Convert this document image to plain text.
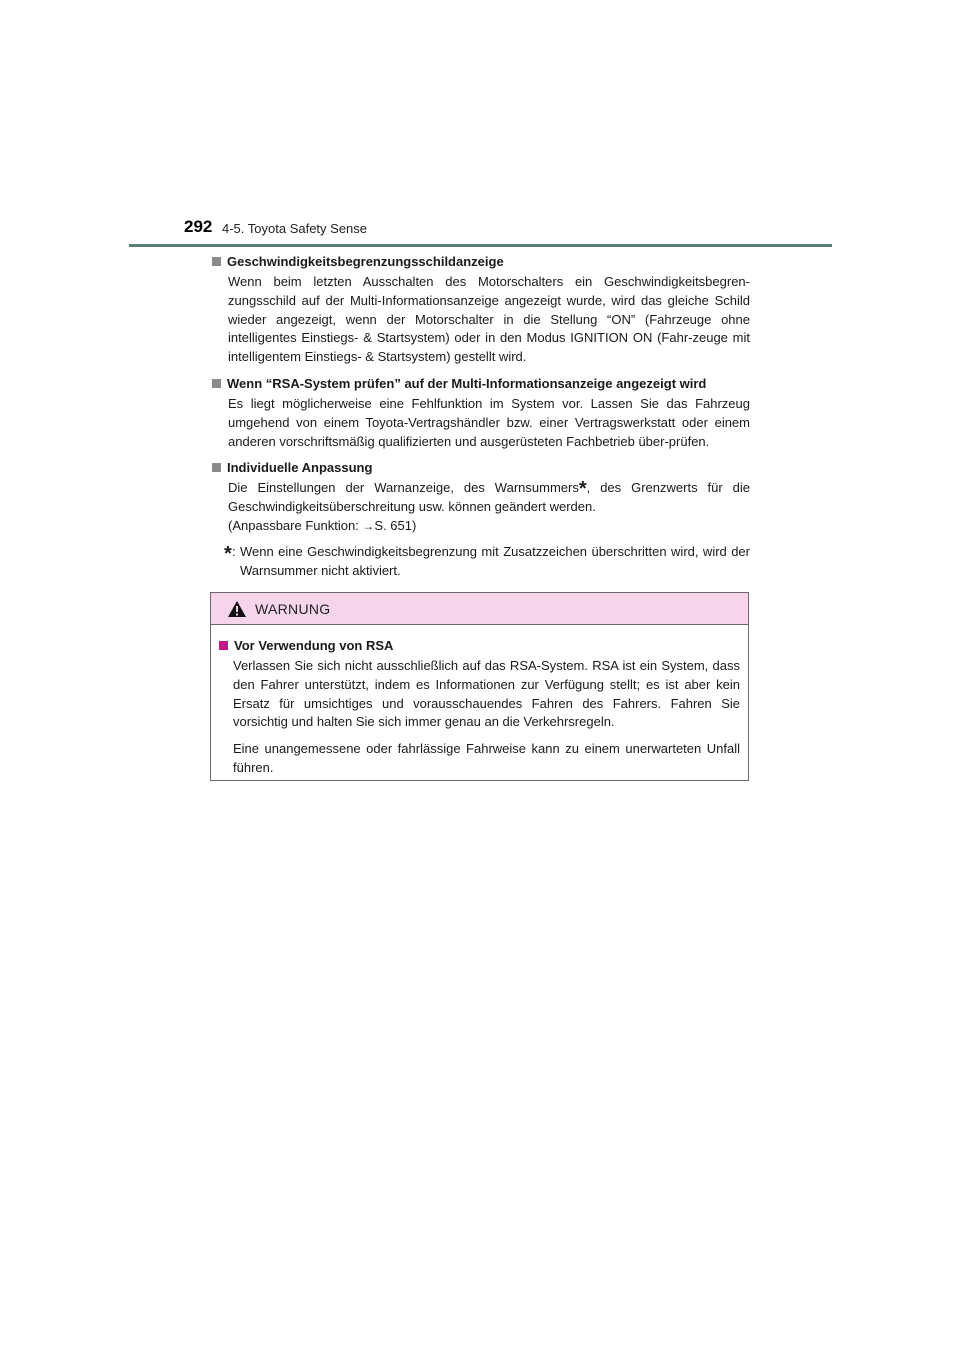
292 4-5. Toyota Safety Sense
Geschwindigkeitsbegrenzungsschildanzeige

Wenn beim letzten Ausschalten des Motorschalters ein Geschwindigkeitsbegren-zungsschild auf der Multi-Informationsanzeige angezeigt wurde, wird das gleiche Schild wieder angezeigt, wenn der Motorschalter in die Stellung “ON” (Fahrzeuge ohne intelligentes Einstiegs- & Startsystem) oder in den Modus IGNITION ON (Fahr-zeuge mit intelligentem Einstiegs- & Startsystem) gestellt wird.

Wenn “RSA-System prüfen” auf der Multi-Informationsanzeige angezeigt wird

Es liegt möglicherweise eine Fehlfunktion im System vor. Lassen Sie das Fahrzeug umgehend von einem Toyota-Vertragshändler bzw. einer Vertragswerkstatt oder einem anderen vorschriftsmäßig qualifizierten und ausgerüsteten Fachbetrieb über-prüfen.

Individuelle Anpassung

Die Einstellungen der Warnanzeige, des Warnsummers*, des Grenzwerts für die Geschwindigkeitsüberschreitung usw. können geändert werden.
(Anpassbare Funktion: →S. 651)

* : Wenn eine Geschwindigkeitsbegrenzung mit Zusatzzeichen überschritten wird, wird der Warnsummer nicht aktiviert.
WARNUNG
Vor Verwendung von RSA

Verlassen Sie sich nicht ausschließlich auf das RSA-System. RSA ist ein System, dass den Fahrer unterstützt, indem es Informationen zur Verfügung stellt; es ist aber kein Ersatz für umsichtiges und vorausschauendes Fahren des Fahrers. Fahren Sie vorsichtig und halten Sie sich immer genau an die Verkehrsregeln.

Eine unangemessene oder fahrlässige Fahrweise kann zu einem unerwarteten Unfall führen.
